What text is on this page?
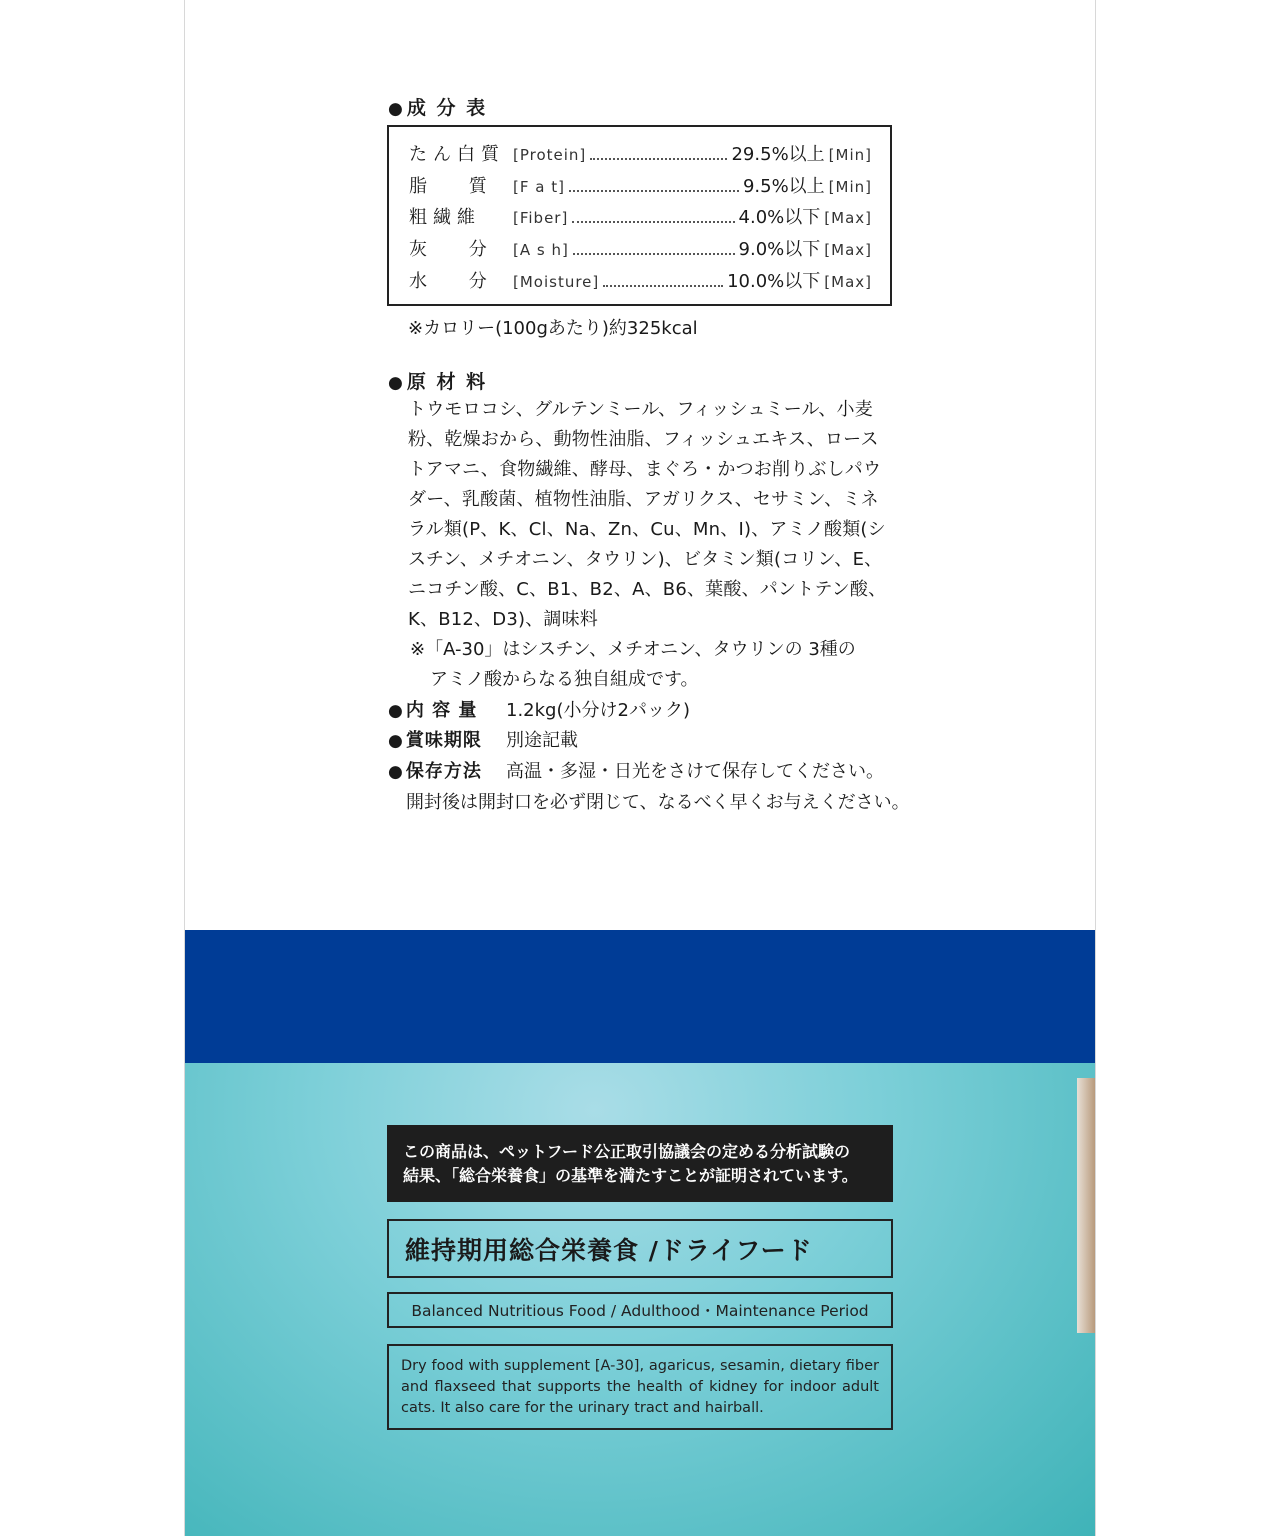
● 成 分 表
たん白質 [Protein]	29.5%以上 [Min]
脂　 質	[F a t]	9.5%以上 [Min]
粗繊維	[Fiber]	4.0%以下 [Max]
灰　 分	[A s h]	9.0%以下 [Max]
水　 分	[Moisture]	10.0%以下 [Max]
※カロリー(100gあたり)約325kcal
● 原 材 料
トウモロコシ、グルテンミール、フィッシュミール、小麦粉、乾燥おから、動物性油脂、フィッシュエキス、ローストアマニ、食物繊維、酵母、まぐろ・かつお削りぶしパウダー、乳酸菌、植物性油脂、アガリクス、セサミン、ミネラル類(P、K、Cl、Na、Zn、Cu、Mn、I)、アミノ酸類(シスチン、メチオニン、タウリン)、ビタミン類(コリン、E、ニコチン酸、C、B1、B2、A、B6、葉酸、パントテン酸、K、B12、D3)、調味料
※「A-30」はシスチン、メチオニン、タウリンの 3種の
アミノ酸からなる独自組成です。
● 内 容 量 1.2kg(小分け2パック)
● 賞味期限 別途記載
● 保存方法 高温・多湿・日光をさけて保存してください。
開封後は開封口を必ず閉じて、なるべく早くお与えください。
この商品は、ペットフード公正取引協議会の定める分析試験の
結果、「総合栄養食」の基準を満たすことが証明されています。
維持期用総合栄養食 /ドライフード
Balanced Nutritious Food / Adulthood・Maintenance Period
Dry food with supplement [A-30], agaricus, sesamin, dietary fiber and flaxseed that supports the health of kidney for indoor adult cats. It also care for the urinary tract and hairball.
